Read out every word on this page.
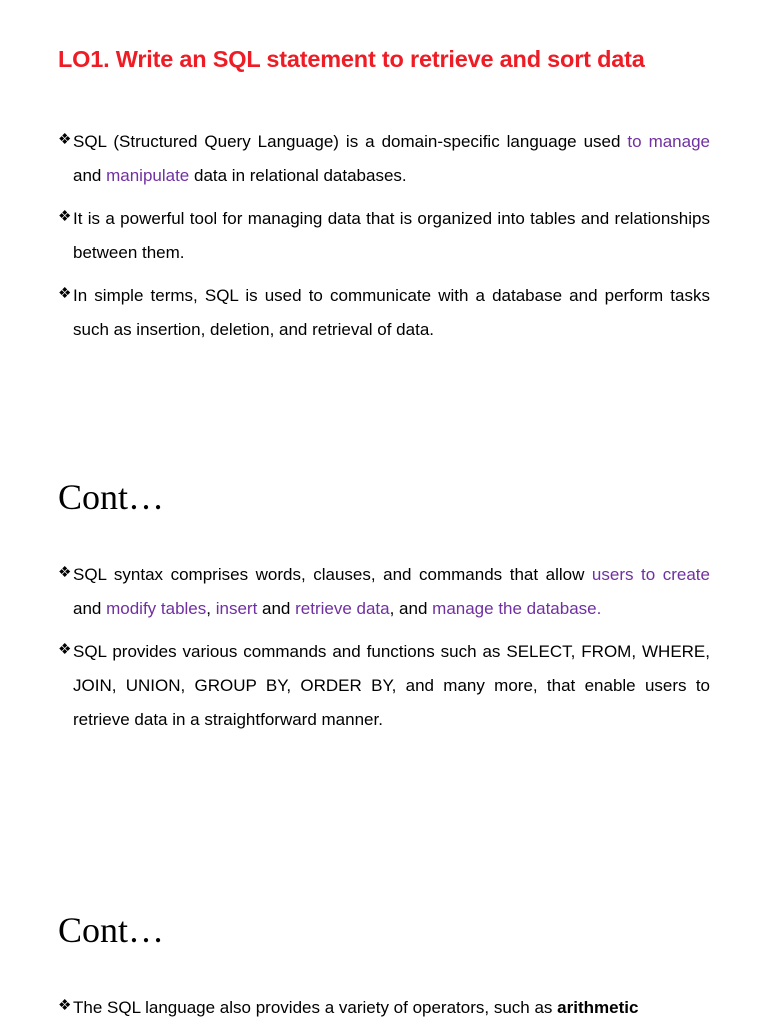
LO1. Write an SQL statement to retrieve and sort data

❖ SQL (Structured Query Language) is a domain-specific language used to manage and manipulate data in relational databases.

❖ It is a powerful tool for managing data that is organized into tables and relationships between them.

❖ In simple terms, SQL is used to communicate with a database and perform tasks such as insertion, deletion, and retrieval of data.

Cont…

❖ SQL syntax comprises words, clauses, and commands that allow users to create and modify tables, insert and retrieve data, and manage the database.

❖ SQL provides various commands and functions such as SELECT, FROM, WHERE, JOIN, UNION, GROUP BY, ORDER BY, and many more, that enable users to retrieve data in a straightforward manner.

Cont…

❖ The SQL language also provides a variety of operators, such as arithmetic
